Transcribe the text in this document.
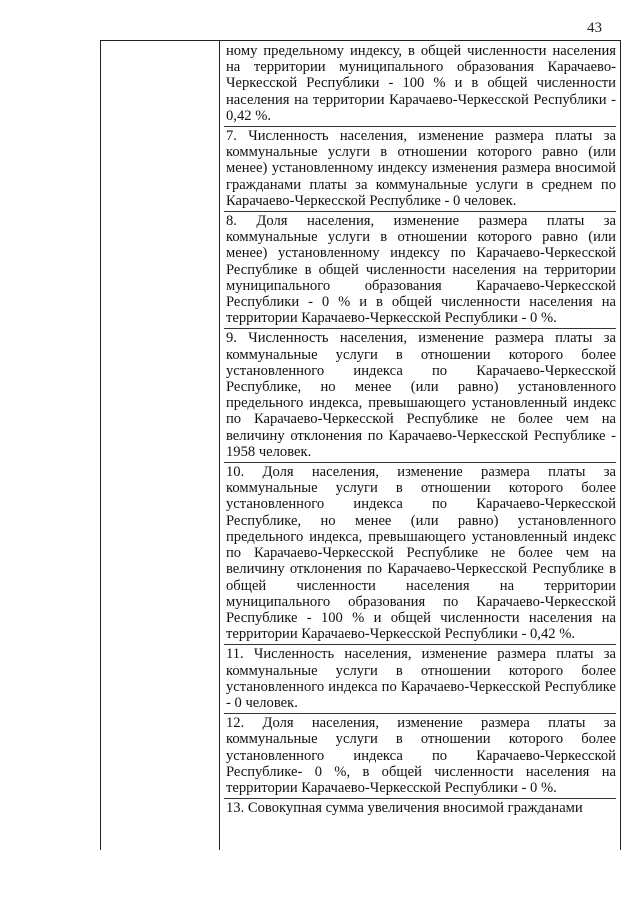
43
ному предельному индексу, в общей численности населения на территории муниципального образования Карачаево-Черкесской Республики - 100 % и в общей численности населения на территории Карачаево-Черкесской Республики - 0,42 %.
7. Численность населения, изменение размера платы за коммунальные услуги в отношении которого равно (или менее) установленному индексу изменения размера вносимой гражданами платы за коммунальные услуги в среднем по Карачаево-Черкесской Республике - 0 человек.
8. Доля населения, изменение размера платы за коммунальные услуги в отношении которого равно (или менее) установленному индексу по Карачаево-Черкесской Республике в общей численности населения на территории муниципального образования Карачаево-Черкесской Республики - 0 % и в общей численности населения на территории Карачаево-Черкесской Республики - 0 %.
9. Численность населения, изменение размера платы за коммунальные услуги в отношении которого более установленного индекса по Карачаево-Черкесской Республике, но менее (или равно) установленного предельного индекса, превышающего установленный индекс по Карачаево-Черкесской Республике не более чем на величину отклонения по Карачаево-Черкесской Республике - 1958 человек.
10. Доля населения, изменение размера платы за коммунальные услуги в отношении которого более установленного индекса по Карачаево-Черкесской Республике, но менее (или равно) установленного предельного индекса, превышающего установленный индекс по Карачаево-Черкесской Республике не более чем на величину отклонения по Карачаево-Черкесской Республике в общей численности населения на территории муниципального образования по Карачаево-Черкесской Республике - 100 % и общей численности населения на территории Карачаево-Черкесской Республики - 0,42 %.
11. Численность населения, изменение размера платы за коммунальные услуги в отношении которого более установленного индекса по Карачаево-Черкесской Республике - 0 человек.
12. Доля населения, изменение размера платы за коммунальные услуги в отношении которого более установленного индекса по Карачаево-Черкесской Республике- 0 %, в общей численности населения на территории Карачаево-Черкесской Республики - 0 %.
13. Совокупная сумма увеличения вносимой гражданами
